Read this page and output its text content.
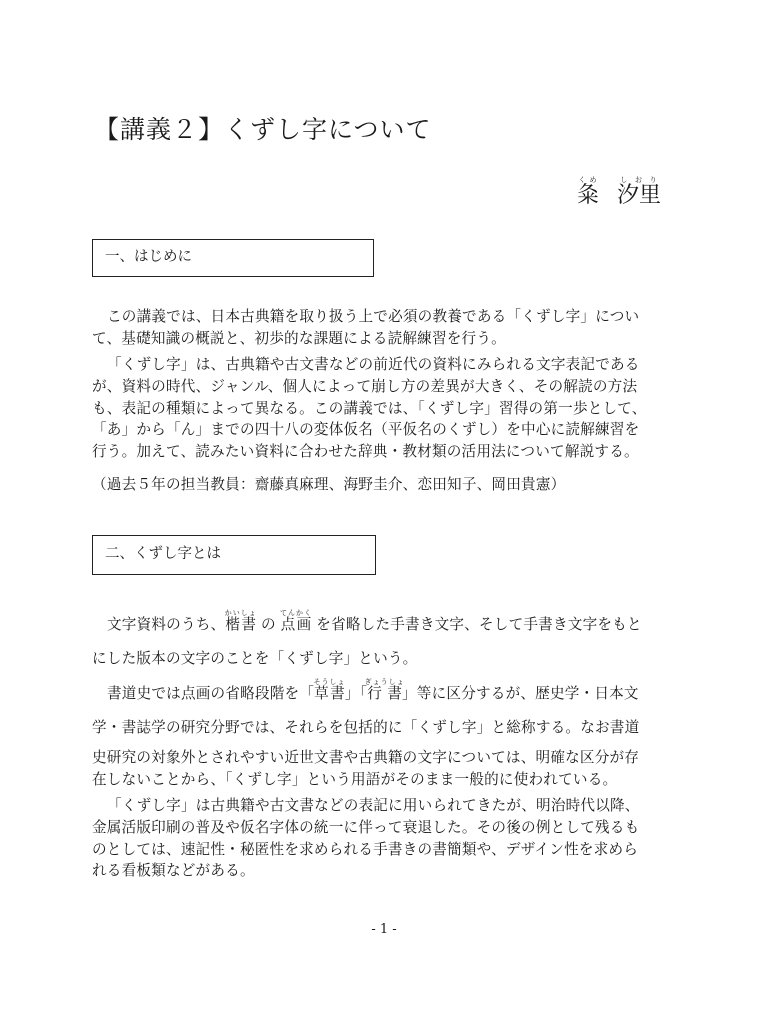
【講義２】くずし字について
粂くめ
汐里しおり
一、はじめに

この講義では、日本古典籍を取り扱う上で必須の教養である「くずし字」につい
て、基礎知識の概説と、初歩的な課題による読解練習を行う。

「くずし字」は、古典籍や古文書などの前近代の資料にみられる文字表記である
が、資料の時代、ジャンル、個人によって崩し方の差異が大きく、その解読の方法
も、表記の種類によって異なる。この講義では、「くずし字」習得の第一歩として、
「あ」から「ん」までの四十八の変体仮名（平仮名のくずし）を中心に読解練習を
行う。加えて、読みたい資料に合わせた辞典・教材類の活用法について解説する。

（過去５年の担当教員：齋藤真麻理、海野圭介、恋田知子、岡田貴憲）

二、くずし字とは

文字資料のうち、楷書かいしょ の 点画てんかく を省略した手書き文字、そして手書き文字をもと
にした版本の文字のことを「くずし字」という。

書道史では点画の省略段階を「草書そうしょ」「行書ぎょうしょ」等に区分するが、歴史学・日本文
学・書誌学の研究分野では、それらを包括的に「くずし字」と総称する。なお書道

史研究の対象外とされやすい近世文書や古典籍の文字については、明確な区分が存
在しないことから、「くずし字」という用語がそのまま一般的に使われている。

「くずし字」は古典籍や古文書などの表記に用いられてきたが、明治時代以降、
金属活版印刷の普及や仮名字体の統一に伴って衰退した。その後の例として残るも
のとしては、速記性・秘匿性を求められる手書きの書簡類や、デザイン性を求めら
れる看板類などがある。

- 1 -
